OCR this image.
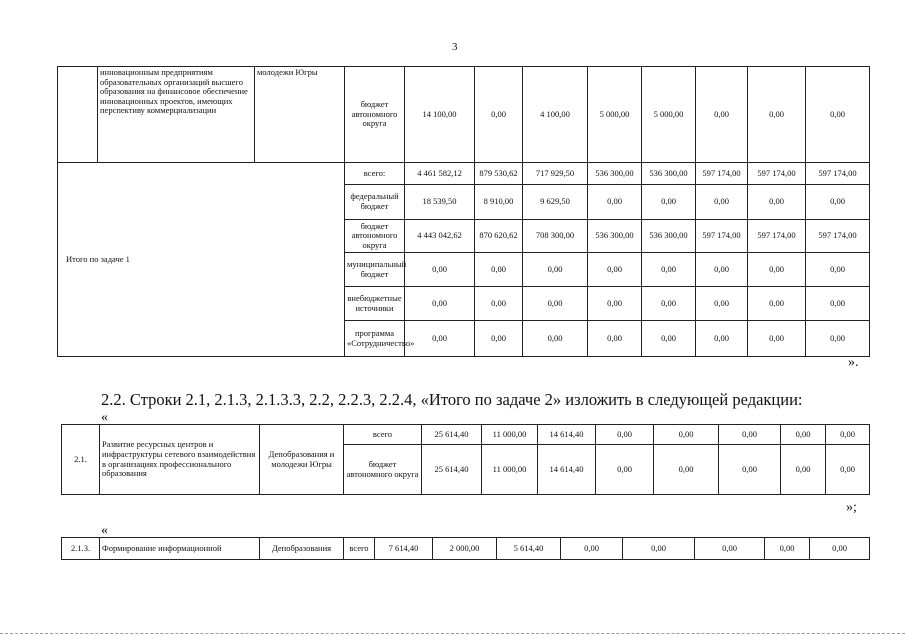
3
	инновационным предприятиям образовательных организаций высшего образования на финансовое обеспечение инновационных проектов, имеющих перспективу коммерциализации	молодежи Югры	бюджет автономного округа	14 100,00	0,00	4 100,00	5 000,00	5 000,00	0,00	0,00	0,00
Итого по задаче 1			всего:	4 461 582,12	879 530,62	717 929,50	536 300,00	536 300,00	597 174,00	597 174,00	597 174,00
			федеральный бюджет	18 539,50	8 910,00	9 629,50	0,00	0,00	0,00	0,00	0,00
			бюджет автономного округа	4 443 042,62	870 620,62	708 300,00	536 300,00	536 300,00	597 174,00	597 174,00	597 174,00
			муниципальный бюджет	0,00	0,00	0,00	0,00	0,00	0,00	0,00	0,00
			внебюджетные источники	0,00	0,00	0,00	0,00	0,00	0,00	0,00	0,00
			программа «Сотрудничество»	0,00	0,00	0,00	0,00	0,00	0,00	0,00	0,00
».
2.2. Строки 2.1, 2.1.3, 2.1.3.3, 2.2, 2.2.3, 2.2.4, «Итого по задаче 2» изложить в следующей редакции:
«
2.1.	Развитие ресурсных центров и инфраструктуры сетевого взаимодействия в организациях профессионального образования	Депобразования и молодежи Югры	всего	25 614,40	11 000,00	14 614,40	0,00	0,00	0,00	0,00	0,00
			бюджет автономного округа	25 614,40	11 000,00	14 614,40	0,00	0,00	0,00	0,00	0,00
»;
«
2.1.3.	Формирование информационной	Депобразования	всего	7 614,40	2 000,00	5 614,40	0,00	0,00	0,00	0,00	0,00
